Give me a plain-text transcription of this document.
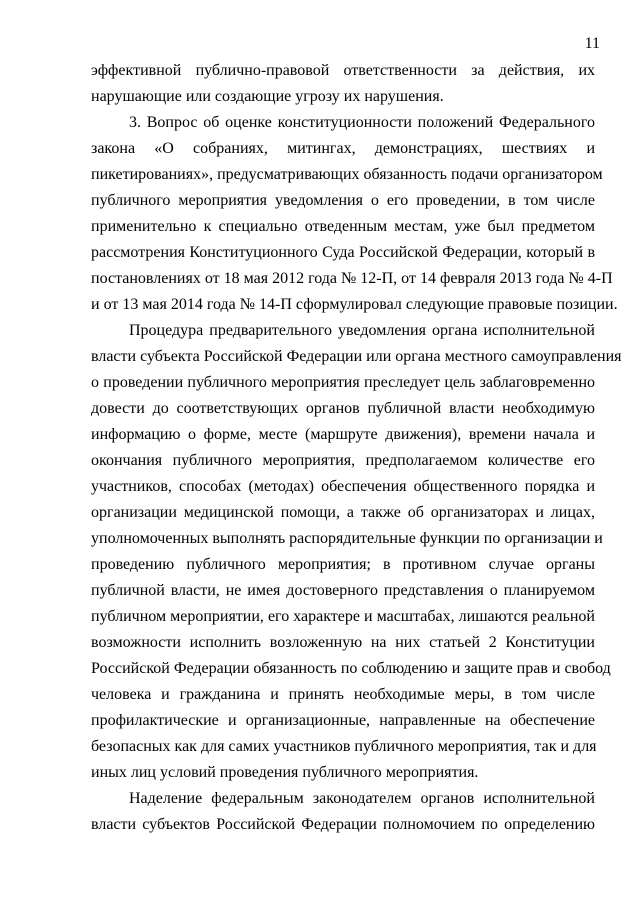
11
эффективной публично-правовой ответственности за действия, их
нарушающие или создающие угрозу их нарушения.
3. Вопрос об оценке конституционности положений Федерального
закона «О собраниях, митингах, демонстрациях, шествиях и
пикетированиях», предусматривающих обязанность подачи организатором
публичного мероприятия уведомления о его проведении, в том числе
применительно к специально отведенным местам, уже был предметом
рассмотрения Конституционного Суда Российской Федерации, который в
постановлениях от 18 мая 2012 года № 12-П, от 14 февраля 2013 года № 4-П
и от 13 мая 2014 года № 14-П сформулировал следующие правовые позиции.
Процедура предварительного уведомления органа исполнительной
власти субъекта Российской Федерации или органа местного самоуправления
о проведении публичного мероприятия преследует цель заблаговременно
довести до соответствующих органов публичной власти необходимую
информацию о форме, месте (маршруте движения), времени начала и
окончания публичного мероприятия, предполагаемом количестве его
участников, способах (методах) обеспечения общественного порядка и
организации медицинской помощи, а также об организаторах и лицах,
уполномоченных выполнять распорядительные функции по организации и
проведению публичного мероприятия; в противном случае органы
публичной власти, не имея достоверного представления о планируемом
публичном мероприятии, его характере и масштабах, лишаются реальной
возможности исполнить возложенную на них статьей 2 Конституции
Российской Федерации обязанность по соблюдению и защите прав и свобод
человека и гражданина и принять необходимые меры, в том числе
профилактические и организационные, направленные на обеспечение
безопасных как для самих участников публичного мероприятия, так и для
иных лиц условий проведения публичного мероприятия.
Наделение федеральным законодателем органов исполнительной
власти субъектов Российской Федерации полномочием по определению
